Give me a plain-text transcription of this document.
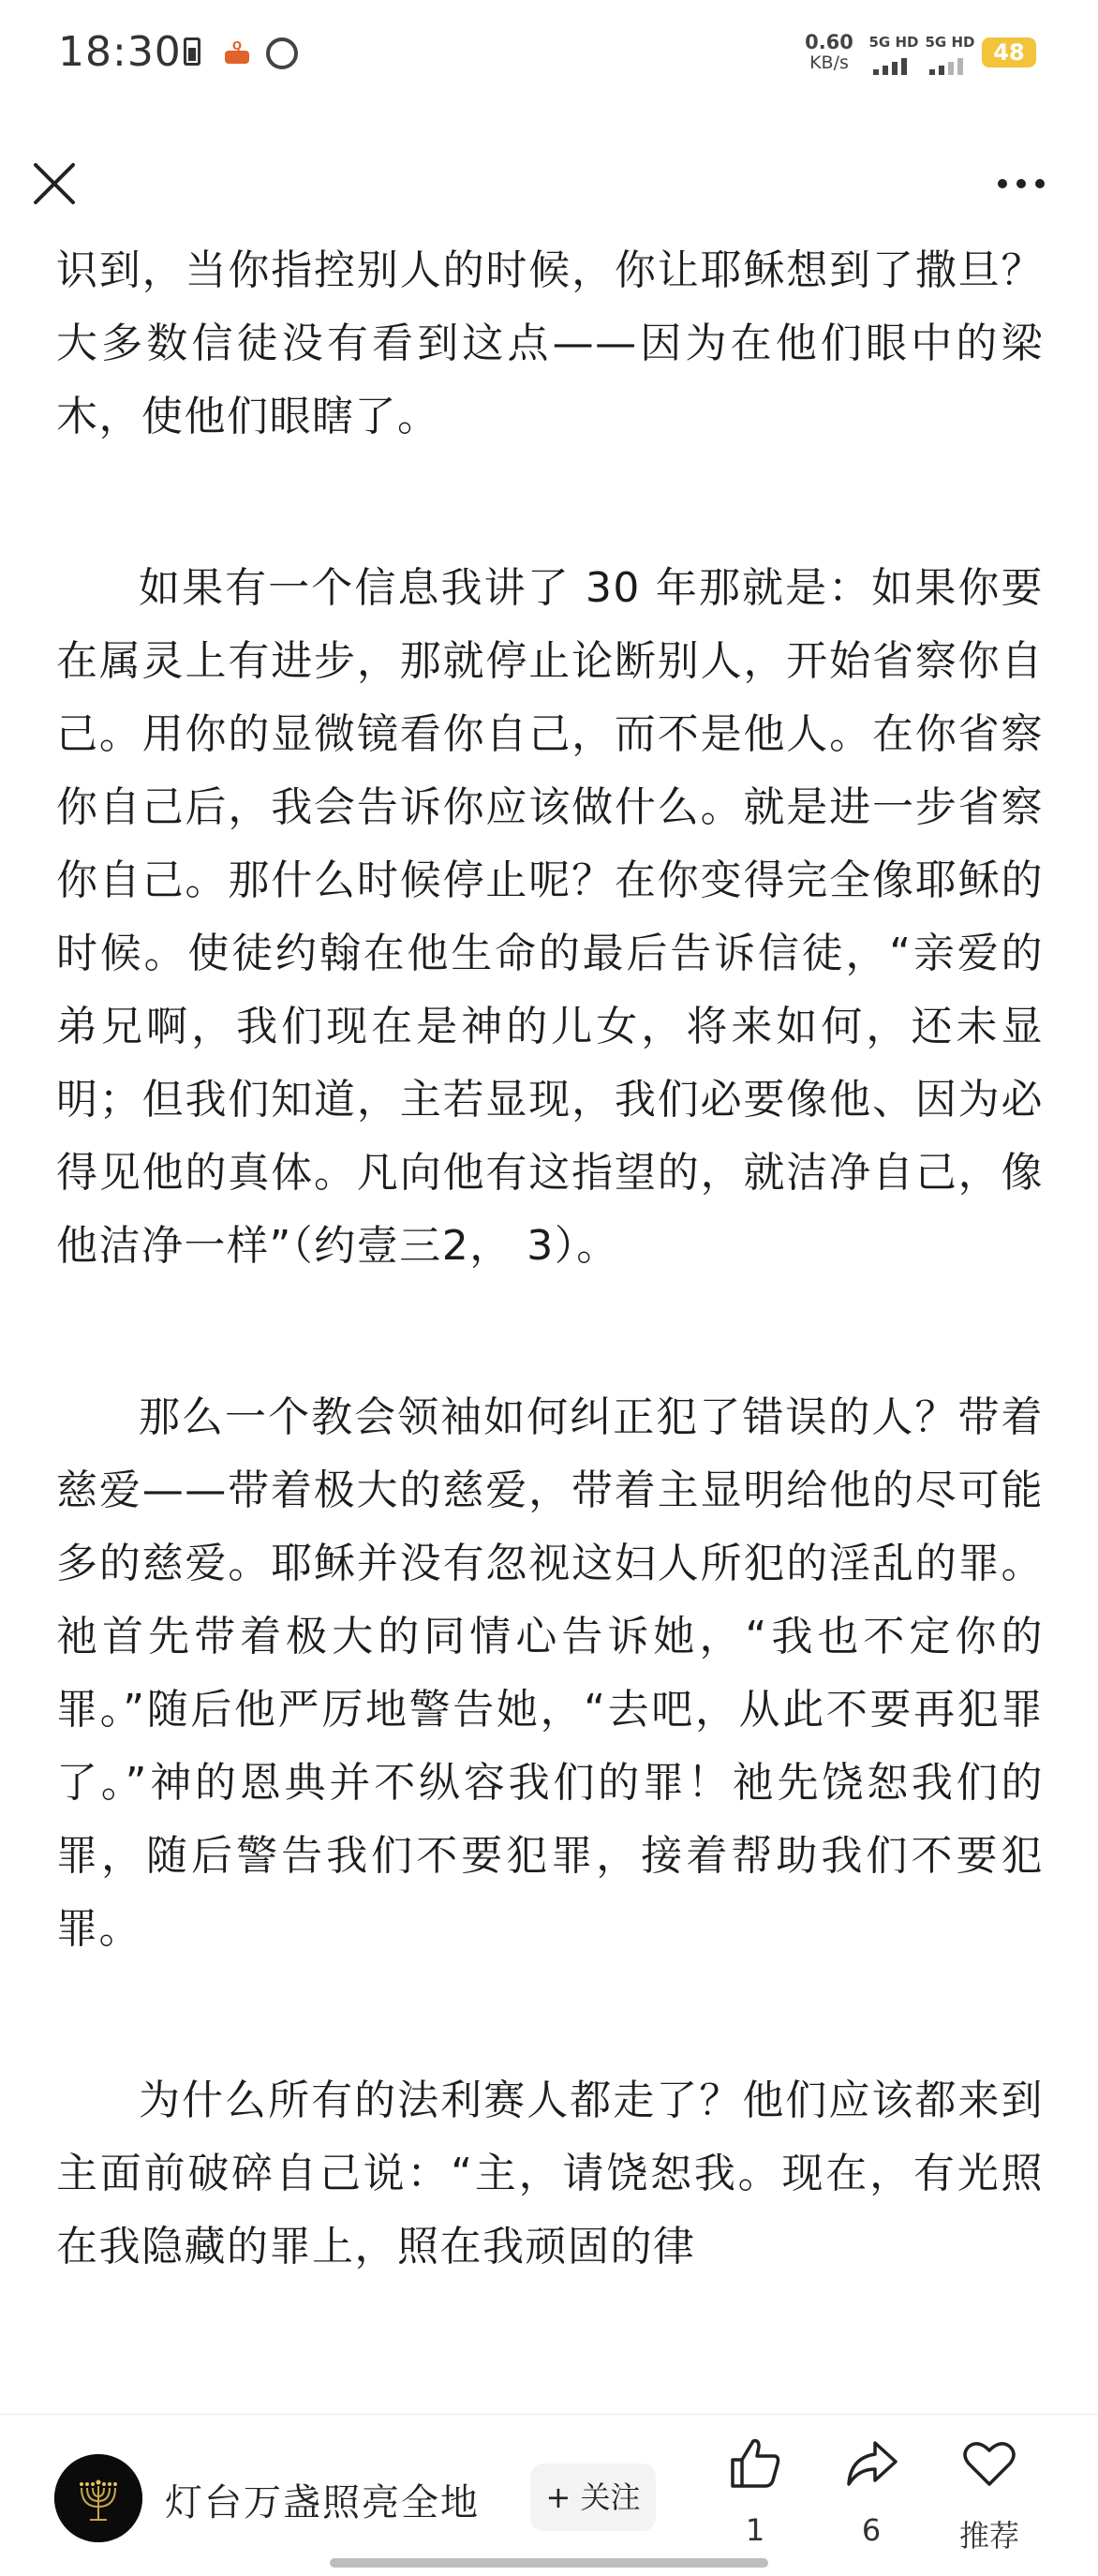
18:30	Q	0.60
KB/s
5G HD 5G HD 48

识到，当你指控别人的时候，你让耶稣想到了撒旦？大多数信徒没有看到这点——因为在他们眼中的梁木，使他们眼瞎了。

如果有一个信息我讲了 30 年那就是：如果你要在属灵上有进步，那就停止论断别人，开始省察你自己。用你的显微镜看你自己，而不是他人。在你省察你自己后，我会告诉你应该做什么。就是进一步省察你自己。那什么时候停止呢？在你变得完全像耶稣的时候。使徒约翰在他生命的最后告诉信徒，“亲爱的弟兄啊，我们现在是神的儿女，将来如何，还未显明；但我们知道，主若显现，我们必要像他、因为必得见他的真体。凡向他有这指望的，就洁净自己，像他洁净一样”（约壹三2， 3）。

那么一个教会领袖如何纠正犯了错误的人？带着慈爱——带着极大的慈爱，带着主显明给他的尽可能多的慈爱。耶稣并没有忽视这妇人所犯的淫乱的罪。祂首先带着极大的同情心告诉她，“我也不定你的罪。”随后他严厉地警告她，“去吧，从此不要再犯罪了。”神的恩典并不纵容我们的罪！祂先饶恕我们的罪，随后警告我们不要犯罪，接着帮助我们不要犯罪。

为什么所有的法利赛人都走了？他们应该都来到主面前破碎自己说：“主，请饶恕我。现在，有光照在我隐藏的罪上，照在我顽固的律

灯台万盏照亮全地	+ 关注
1	6	推荐
